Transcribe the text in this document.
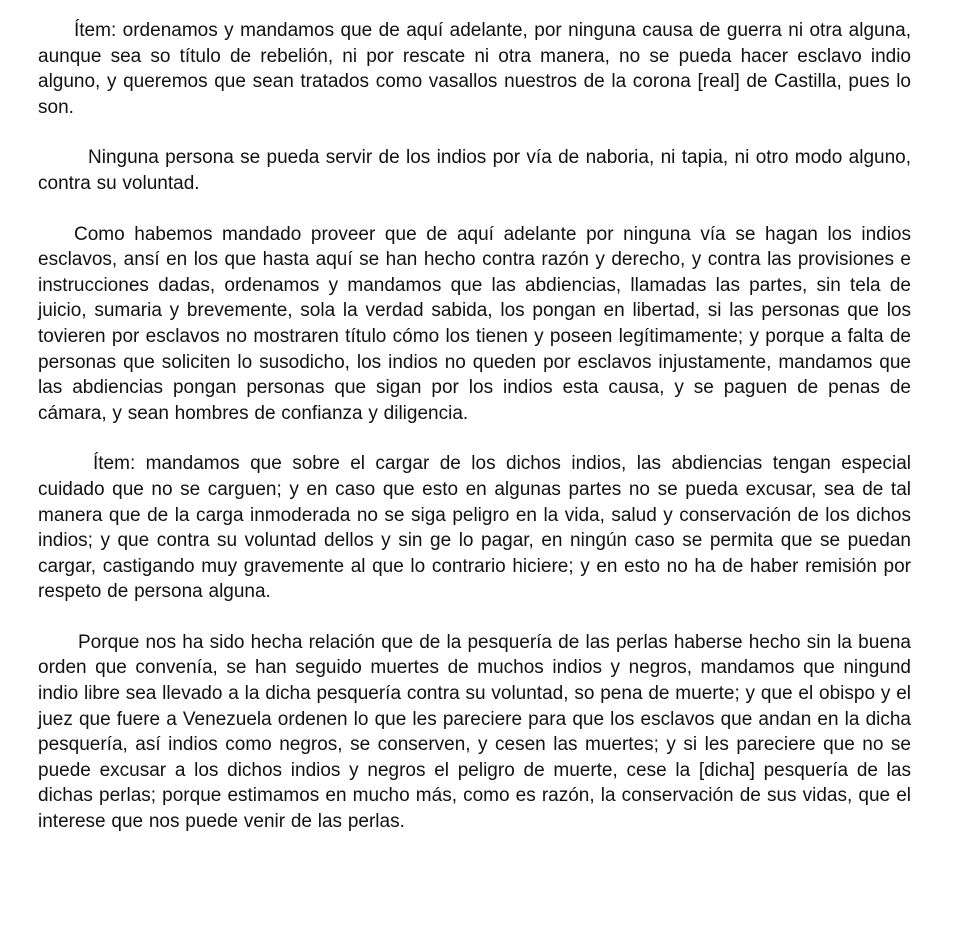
Ítem: ordenamos y mandamos que de aquí adelante, por ninguna causa de guerra ni otra alguna, aunque sea so título de rebelión, ni por rescate ni otra manera, no se pueda hacer esclavo indio alguno, y queremos que sean tratados como vasallos nuestros de la corona [real] de Castilla, pues lo son.

Ninguna persona se pueda servir de los indios por vía de naboria, ni tapia, ni otro modo alguno, contra su voluntad.

Como habemos mandado proveer que de aquí adelante por ninguna vía se hagan los indios esclavos, ansí en los que hasta aquí se han hecho contra razón y derecho, y contra las provisiones e instrucciones dadas, ordenamos y mandamos que las abdiencias, llamadas las partes, sin tela de juicio, sumaria y brevemente, sola la verdad sabida, los pongan en libertad, si las personas que los tovieren por esclavos no mostraren título cómo los tienen y poseen legítimamente; y porque a falta de personas que soliciten lo susodicho, los indios no queden por esclavos injustamente, mandamos que las abdiencias pongan personas que sigan por los indios esta causa, y se paguen de penas de cámara, y sean hombres de confianza y diligencia.

Ítem: mandamos que sobre el cargar de los dichos indios, las abdiencias tengan especial cuidado que no se carguen; y en caso que esto en algunas partes no se pueda excusar, sea de tal manera que de la carga inmoderada no se siga peligro en la vida, salud y conservación de los dichos indios; y que contra su voluntad dellos y sin ge lo pagar, en ningún caso se permita que se puedan cargar, castigando muy gravemente al que lo contrario hiciere; y en esto no ha de haber remisión por respeto de persona alguna.

Porque nos ha sido hecha relación que de la pesquería de las perlas haberse hecho sin la buena orden que convenía, se han seguido muertes de muchos indios y negros, mandamos que ningund indio libre sea llevado a la dicha pesquería contra su voluntad, so pena de muerte; y que el obispo y el juez que fuere a Venezuela ordenen lo que les pareciere para que los esclavos que andan en la dicha pesquería, así indios como negros, se conserven, y cesen las muertes; y si les pareciere que no se puede excusar a los dichos indios y negros el peligro de muerte, cese la [dicha] pesquería de las dichas perlas; porque estimamos en mucho más, como es razón, la conservación de sus vidas, que el interese que nos puede venir de las perlas.
